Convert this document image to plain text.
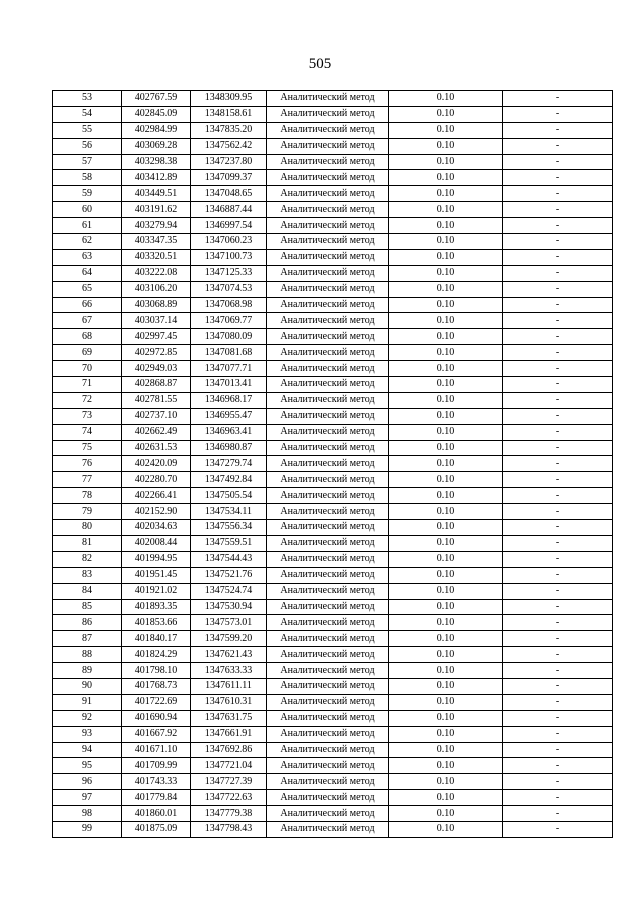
505
53	402767.59	1348309.95	Аналитический метод	0.10	-
54	402845.09	1348158.61	Аналитический метод	0.10	-
55	402984.99	1347835.20	Аналитический метод	0.10	-
56	403069.28	1347562.42	Аналитический метод	0.10	-
57	403298.38	1347237.80	Аналитический метод	0.10	-
58	403412.89	1347099.37	Аналитический метод	0.10	-
59	403449.51	1347048.65	Аналитический метод	0.10	-
60	403191.62	1346887.44	Аналитический метод	0.10	-
61	403279.94	1346997.54	Аналитический метод	0.10	-
62	403347.35	1347060.23	Аналитический метод	0.10	-
63	403320.51	1347100.73	Аналитический метод	0.10	-
64	403222.08	1347125.33	Аналитический метод	0.10	-
65	403106.20	1347074.53	Аналитический метод	0.10	-
66	403068.89	1347068.98	Аналитический метод	0.10	-
67	403037.14	1347069.77	Аналитический метод	0.10	-
68	402997.45	1347080.09	Аналитический метод	0.10	-
69	402972.85	1347081.68	Аналитический метод	0.10	-
70	402949.03	1347077.71	Аналитический метод	0.10	-
71	402868.87	1347013.41	Аналитический метод	0.10	-
72	402781.55	1346968.17	Аналитический метод	0.10	-
73	402737.10	1346955.47	Аналитический метод	0.10	-
74	402662.49	1346963.41	Аналитический метод	0.10	-
75	402631.53	1346980.87	Аналитический метод	0.10	-
76	402420.09	1347279.74	Аналитический метод	0.10	-
77	402280.70	1347492.84	Аналитический метод	0.10	-
78	402266.41	1347505.54	Аналитический метод	0.10	-
79	402152.90	1347534.11	Аналитический метод	0.10	-
80	402034.63	1347556.34	Аналитический метод	0.10	-
81	402008.44	1347559.51	Аналитический метод	0.10	-
82	401994.95	1347544.43	Аналитический метод	0.10	-
83	401951.45	1347521.76	Аналитический метод	0.10	-
84	401921.02	1347524.74	Аналитический метод	0.10	-
85	401893.35	1347530.94	Аналитический метод	0.10	-
86	401853.66	1347573.01	Аналитический метод	0.10	-
87	401840.17	1347599.20	Аналитический метод	0.10	-
88	401824.29	1347621.43	Аналитический метод	0.10	-
89	401798.10	1347633.33	Аналитический метод	0.10	-
90	401768.73	1347611.11	Аналитический метод	0.10	-
91	401722.69	1347610.31	Аналитический метод	0.10	-
92	401690.94	1347631.75	Аналитический метод	0.10	-
93	401667.92	1347661.91	Аналитический метод	0.10	-
94	401671.10	1347692.86	Аналитический метод	0.10	-
95	401709.99	1347721.04	Аналитический метод	0.10	-
96	401743.33	1347727.39	Аналитический метод	0.10	-
97	401779.84	1347722.63	Аналитический метод	0.10	-
98	401860.01	1347779.38	Аналитический метод	0.10	-
99	401875.09	1347798.43	Аналитический метод	0.10	-
